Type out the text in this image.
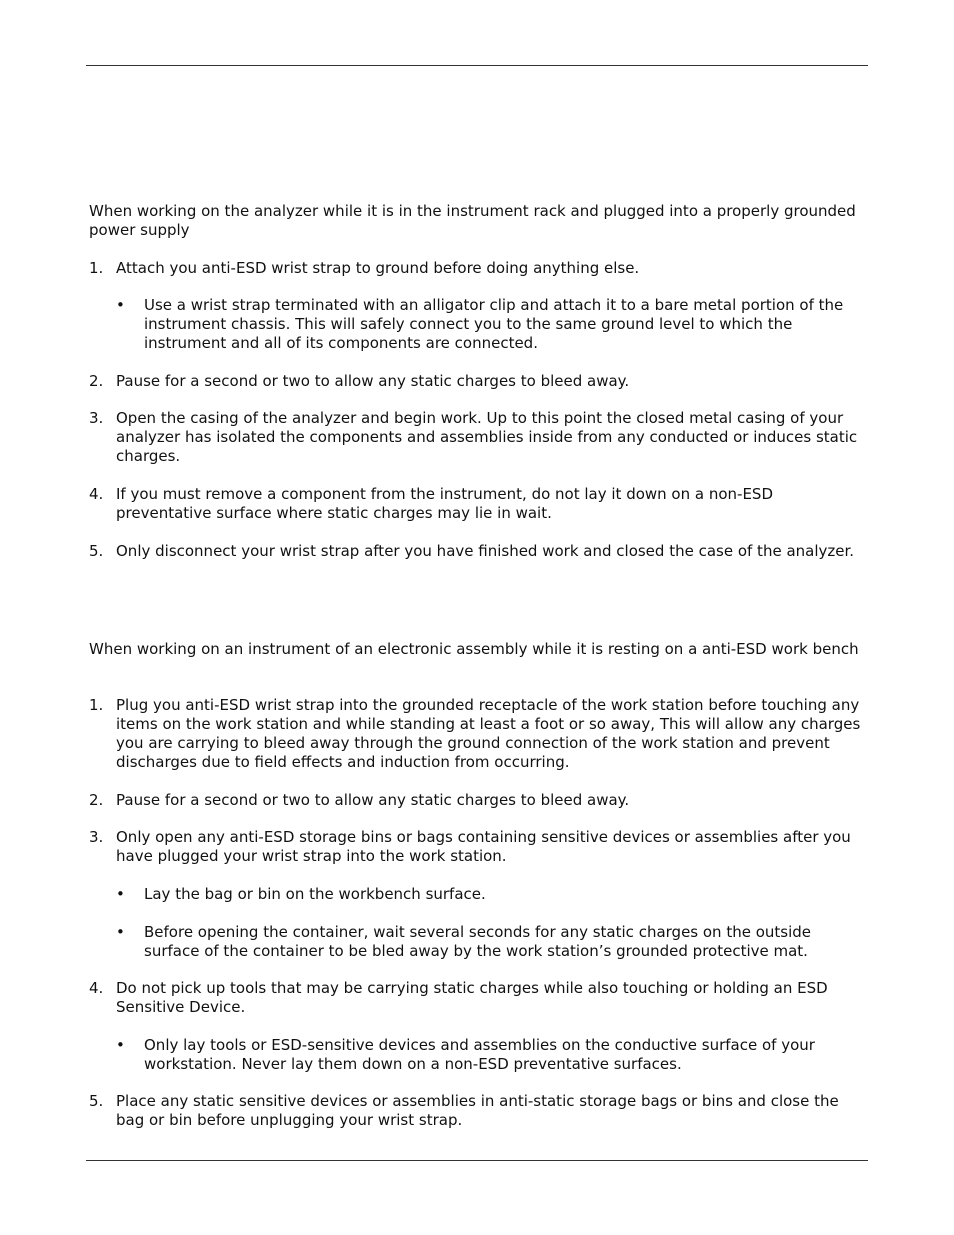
When working on the analyzer while it is in the instrument rack and plugged into a properly grounded power supply

1. Attach you anti-ESD wrist strap to ground before doing anything else.
• Use a wrist strap terminated with an alligator clip and attach it to a bare metal portion of the instrument chassis. This will safely connect you to the same ground level to which the instrument and all of its components are connected.
2. Pause for a second or two to allow any static charges to bleed away.
3. Open the casing of the analyzer and begin work. Up to this point the closed metal casing of your analyzer has isolated the components and assemblies inside from any conducted or induces static charges.
4. If you must remove a component from the instrument, do not lay it down on a non-ESD preventative surface where static charges may lie in wait.
5. Only disconnect your wrist strap after you have finished work and closed the case of the analyzer.

When working on an instrument of an electronic assembly while it is resting on a anti-ESD work bench

1. Plug you anti-ESD wrist strap into the grounded receptacle of the work station before touching any items on the work station and while standing at least a foot or so away, This will allow any charges you are carrying to bleed away through the ground connection of the work station and prevent discharges due to field effects and induction from occurring.
2. Pause for a second or two to allow any static charges to bleed away.
3. Only open any anti-ESD storage bins or bags containing sensitive devices or assemblies after you have plugged your wrist strap into the work station.
• Lay the bag or bin on the workbench surface.
• Before opening the container, wait several seconds for any static charges on the outside surface of the container to be bled away by the work station’s grounded protective mat.
4. Do not pick up tools that may be carrying static charges while also touching or holding an ESD Sensitive Device.
• Only lay tools or ESD-sensitive devices and assemblies on the conductive surface of your workstation. Never lay them down on a non-ESD preventative surfaces.
5. Place any static sensitive devices or assemblies in anti-static storage bags or bins and close the bag or bin before unplugging your wrist strap.
